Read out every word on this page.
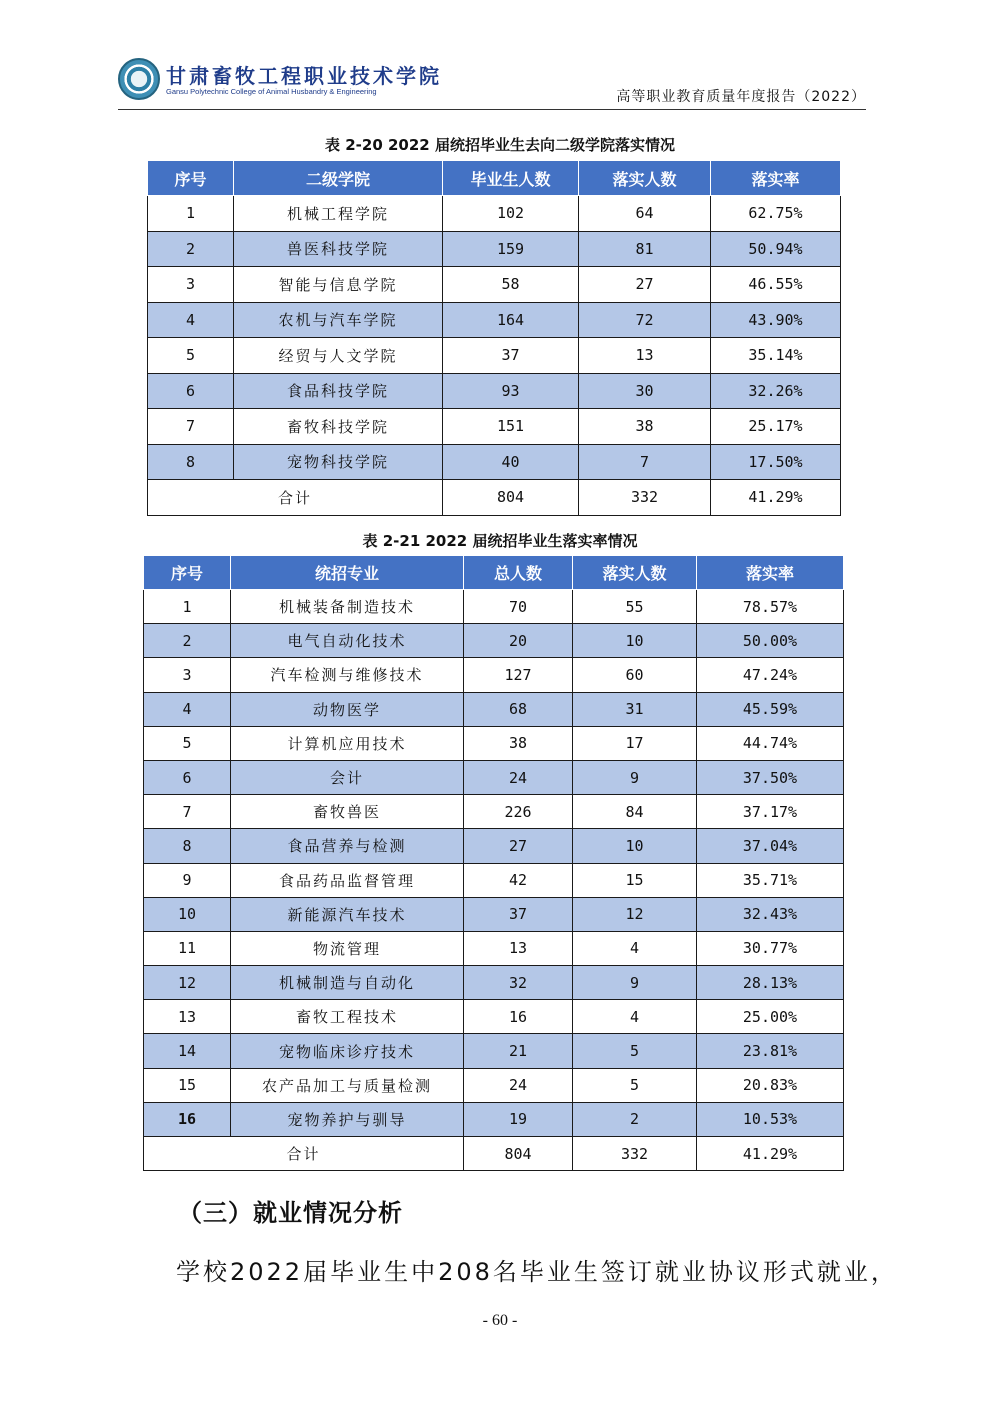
甘肃畜牧工程职业技术学院
Gansu Polytechnic College of Animal Husbandry & Engineering	高等职业教育质量年度报告（2022）
表 2-20 2022 届统招毕业生去向二级学院落实情况
序号	二级学院	毕业生人数	落实人数	落实率
1	机械工程学院	102	64	62.75%
2	兽医科技学院	159	81	50.94%
3	智能与信息学院	58	27	46.55%
4	农机与汽车学院	164	72	43.90%
5	经贸与人文学院	37	13	35.14%
6	食品科技学院	93	30	32.26%
7	畜牧科技学院	151	38	25.17%
8	宠物科技学院	40	7	17.50%
合计		804	332	41.29%
表 2-21 2022 届统招毕业生落实率情况
序号	统招专业	总人数	落实人数	落实率
1	机械装备制造技术	70	55	78.57%
2	电气自动化技术	20	10	50.00%
3	汽车检测与维修技术	127	60	47.24%
4	动物医学	68	31	45.59%
5	计算机应用技术	38	17	44.74%
6	会计	24	9	37.50%
7	畜牧兽医	226	84	37.17%
8	食品营养与检测	27	10	37.04%
9	食品药品监督管理	42	15	35.71%
10	新能源汽车技术	37	12	32.43%
11	物流管理	13	4	30.77%
12	机械制造与自动化	32	9	28.13%
13	畜牧工程技术	16	4	25.00%
14	宠物临床诊疗技术	21	5	23.81%
15	农产品加工与质量检测	24	5	20.83%
16	宠物养护与驯导	19	2	10.53%
合计		804	332	41.29%
（三）就业情况分析
学校2022届毕业生中208名毕业生签订就业协议形式就业，
- 60 -
